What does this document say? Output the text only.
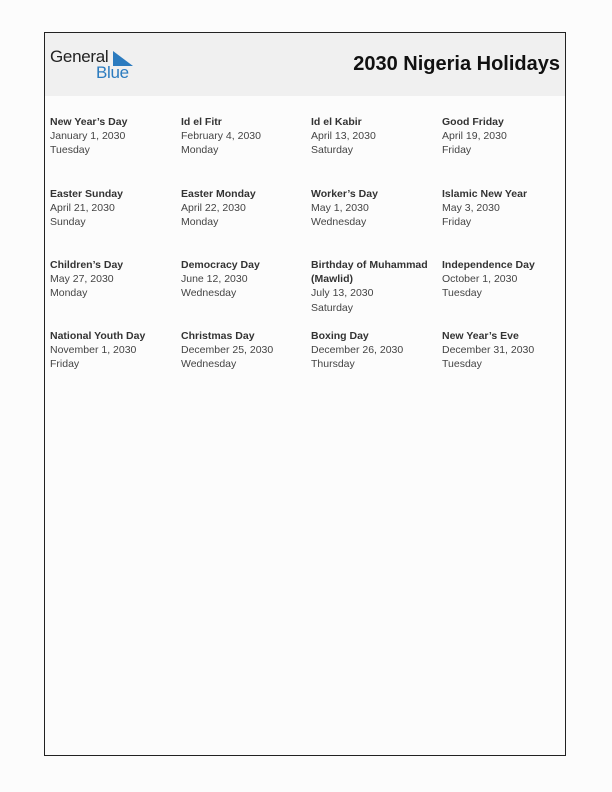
General
Blue	2030 Nigeria Holidays
New Year’s Day
January 1, 2030
Tuesday
Id el Fitr
February 4, 2030
Monday
Id el Kabir
April 13, 2030
Saturday
Good Friday
April 19, 2030
Friday
Easter Sunday
April 21, 2030
Sunday
Easter Monday
April 22, 2030
Monday
Worker’s Day
May 1, 2030
Wednesday
Islamic New Year
May 3, 2030
Friday
Children’s Day
May 27, 2030
Monday
Democracy Day
June 12, 2030
Wednesday
Birthday of Muhammad (Mawlid)
July 13, 2030
Saturday
Independence Day
October 1, 2030
Tuesday
National Youth Day
November 1, 2030
Friday
Christmas Day
December 25, 2030
Wednesday
Boxing Day
December 26, 2030
Thursday
New Year’s Eve
December 31, 2030
Tuesday
